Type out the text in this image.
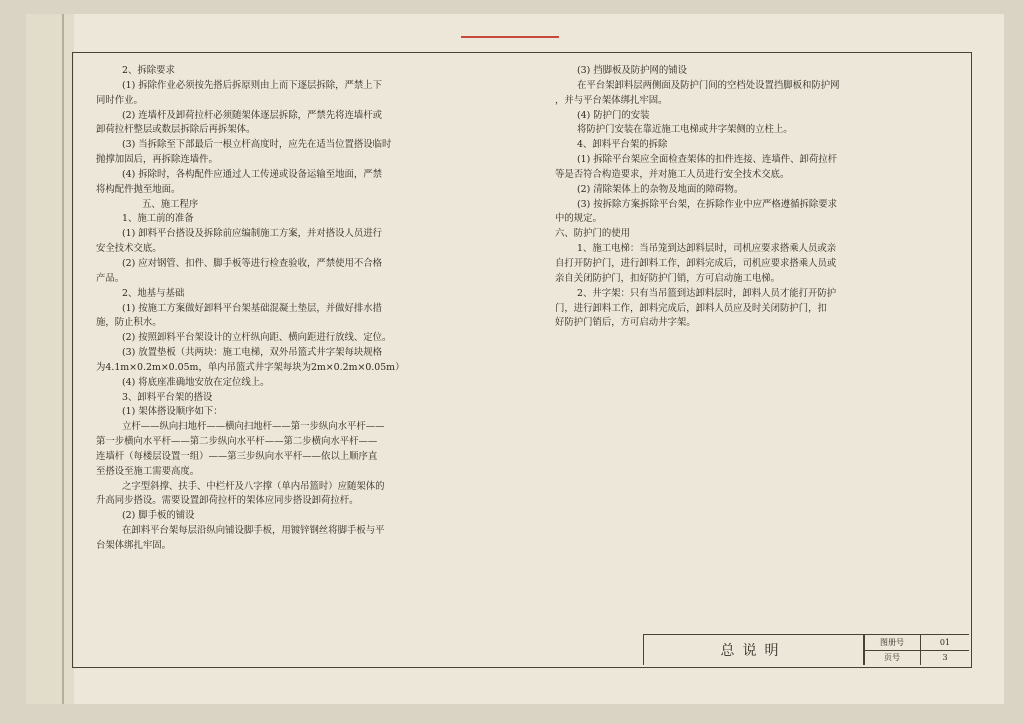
2、拆除要求

(1) 拆除作业必须按先搭后拆原则由上而下逐层拆除，严禁上下

同时作业。

(2) 连墙杆及卸荷拉杆必须随架体逐层拆除，严禁先将连墙杆或

卸荷拉杆整层或数层拆除后再拆架体。

(3) 当拆除至下部最后一根立杆高度时，应先在适当位置搭设临时

抛撑加固后，再拆除连墙件。

(4) 拆除时，各构配件应通过人工传递或设备运输至地面，严禁

将构配件抛至地面。

五、施工程序

1、施工前的准备

(1) 卸料平台搭设及拆除前应编制施工方案，并对搭设人员进行

安全技术交底。

(2) 应对钢管、扣件、脚手板等进行检查验收，严禁使用不合格

产品。

2、地基与基础

(1) 按施工方案做好卸料平台架基础混凝土垫层，并做好排水措

施，防止积水。

(2) 按照卸料平台架设计的立杆纵向距、横向距进行放线、定位。

(3) 放置垫板（共两块：施工电梯，双外吊篮式井字架每块规格

为4.1m×0.2m×0.05m，单内吊篮式井字架每块为2m×0.2m×0.05m）

(4) 将底座准确地安放在定位线上。

3、卸料平台架的搭设

(1) 架体搭设顺序如下：

立杆——纵向扫地杆——横向扫地杆——第一步纵向水平杆——

第一步横向水平杆——第二步纵向水平杆——第二步横向水平杆——

连墙杆（每楼层设置一组）——第三步纵向水平杆——依以上顺序直

至搭设至施工需要高度。

之字型斜撑、扶手、中栏杆及八字撑（单内吊篮时）应随架体的

升高同步搭设。需要设置卸荷拉杆的架体应同步搭设卸荷拉杆。

(2) 脚手板的铺设

在卸料平台架每层沿纵向铺设脚手板，用镀锌钢丝将脚手板与平

台架体绑扎牢固。

(3) 挡脚板及防护网的铺设

在平台架卸料层两侧面及防护门间的空档处设置挡脚板和防护网

，并与平台架体绑扎牢固。

(4) 防护门的安装

将防护门安装在靠近施工电梯或井字架侧的立柱上。

4、卸料平台架的拆除

(1) 拆除平台架应全面检查架体的扣件连接、连墙件、卸荷拉杆

等是否符合构造要求，并对施工人员进行安全技术交底。

(2) 清除架体上的杂物及地面的障碍物。

(3) 按拆除方案拆除平台架，在拆除作业中应严格遵循拆除要求

中的规定。

六、防护门的使用

1、施工电梯：当吊笼到达卸料层时，司机应要求搭乘人员或亲

自打开防护门，进行卸料工作，卸料完成后，司机应要求搭乘人员或

亲自关闭防护门，扣好防护门销，方可启动施工电梯。

2、井字架：只有当吊篮到达卸料层时，卸料人员才能打开防护

门，进行卸料工作，卸料完成后，卸料人员应及时关闭防护门，扣

好防护门销后，方可启动井字架。

总说明
图册号	01
页号	3
